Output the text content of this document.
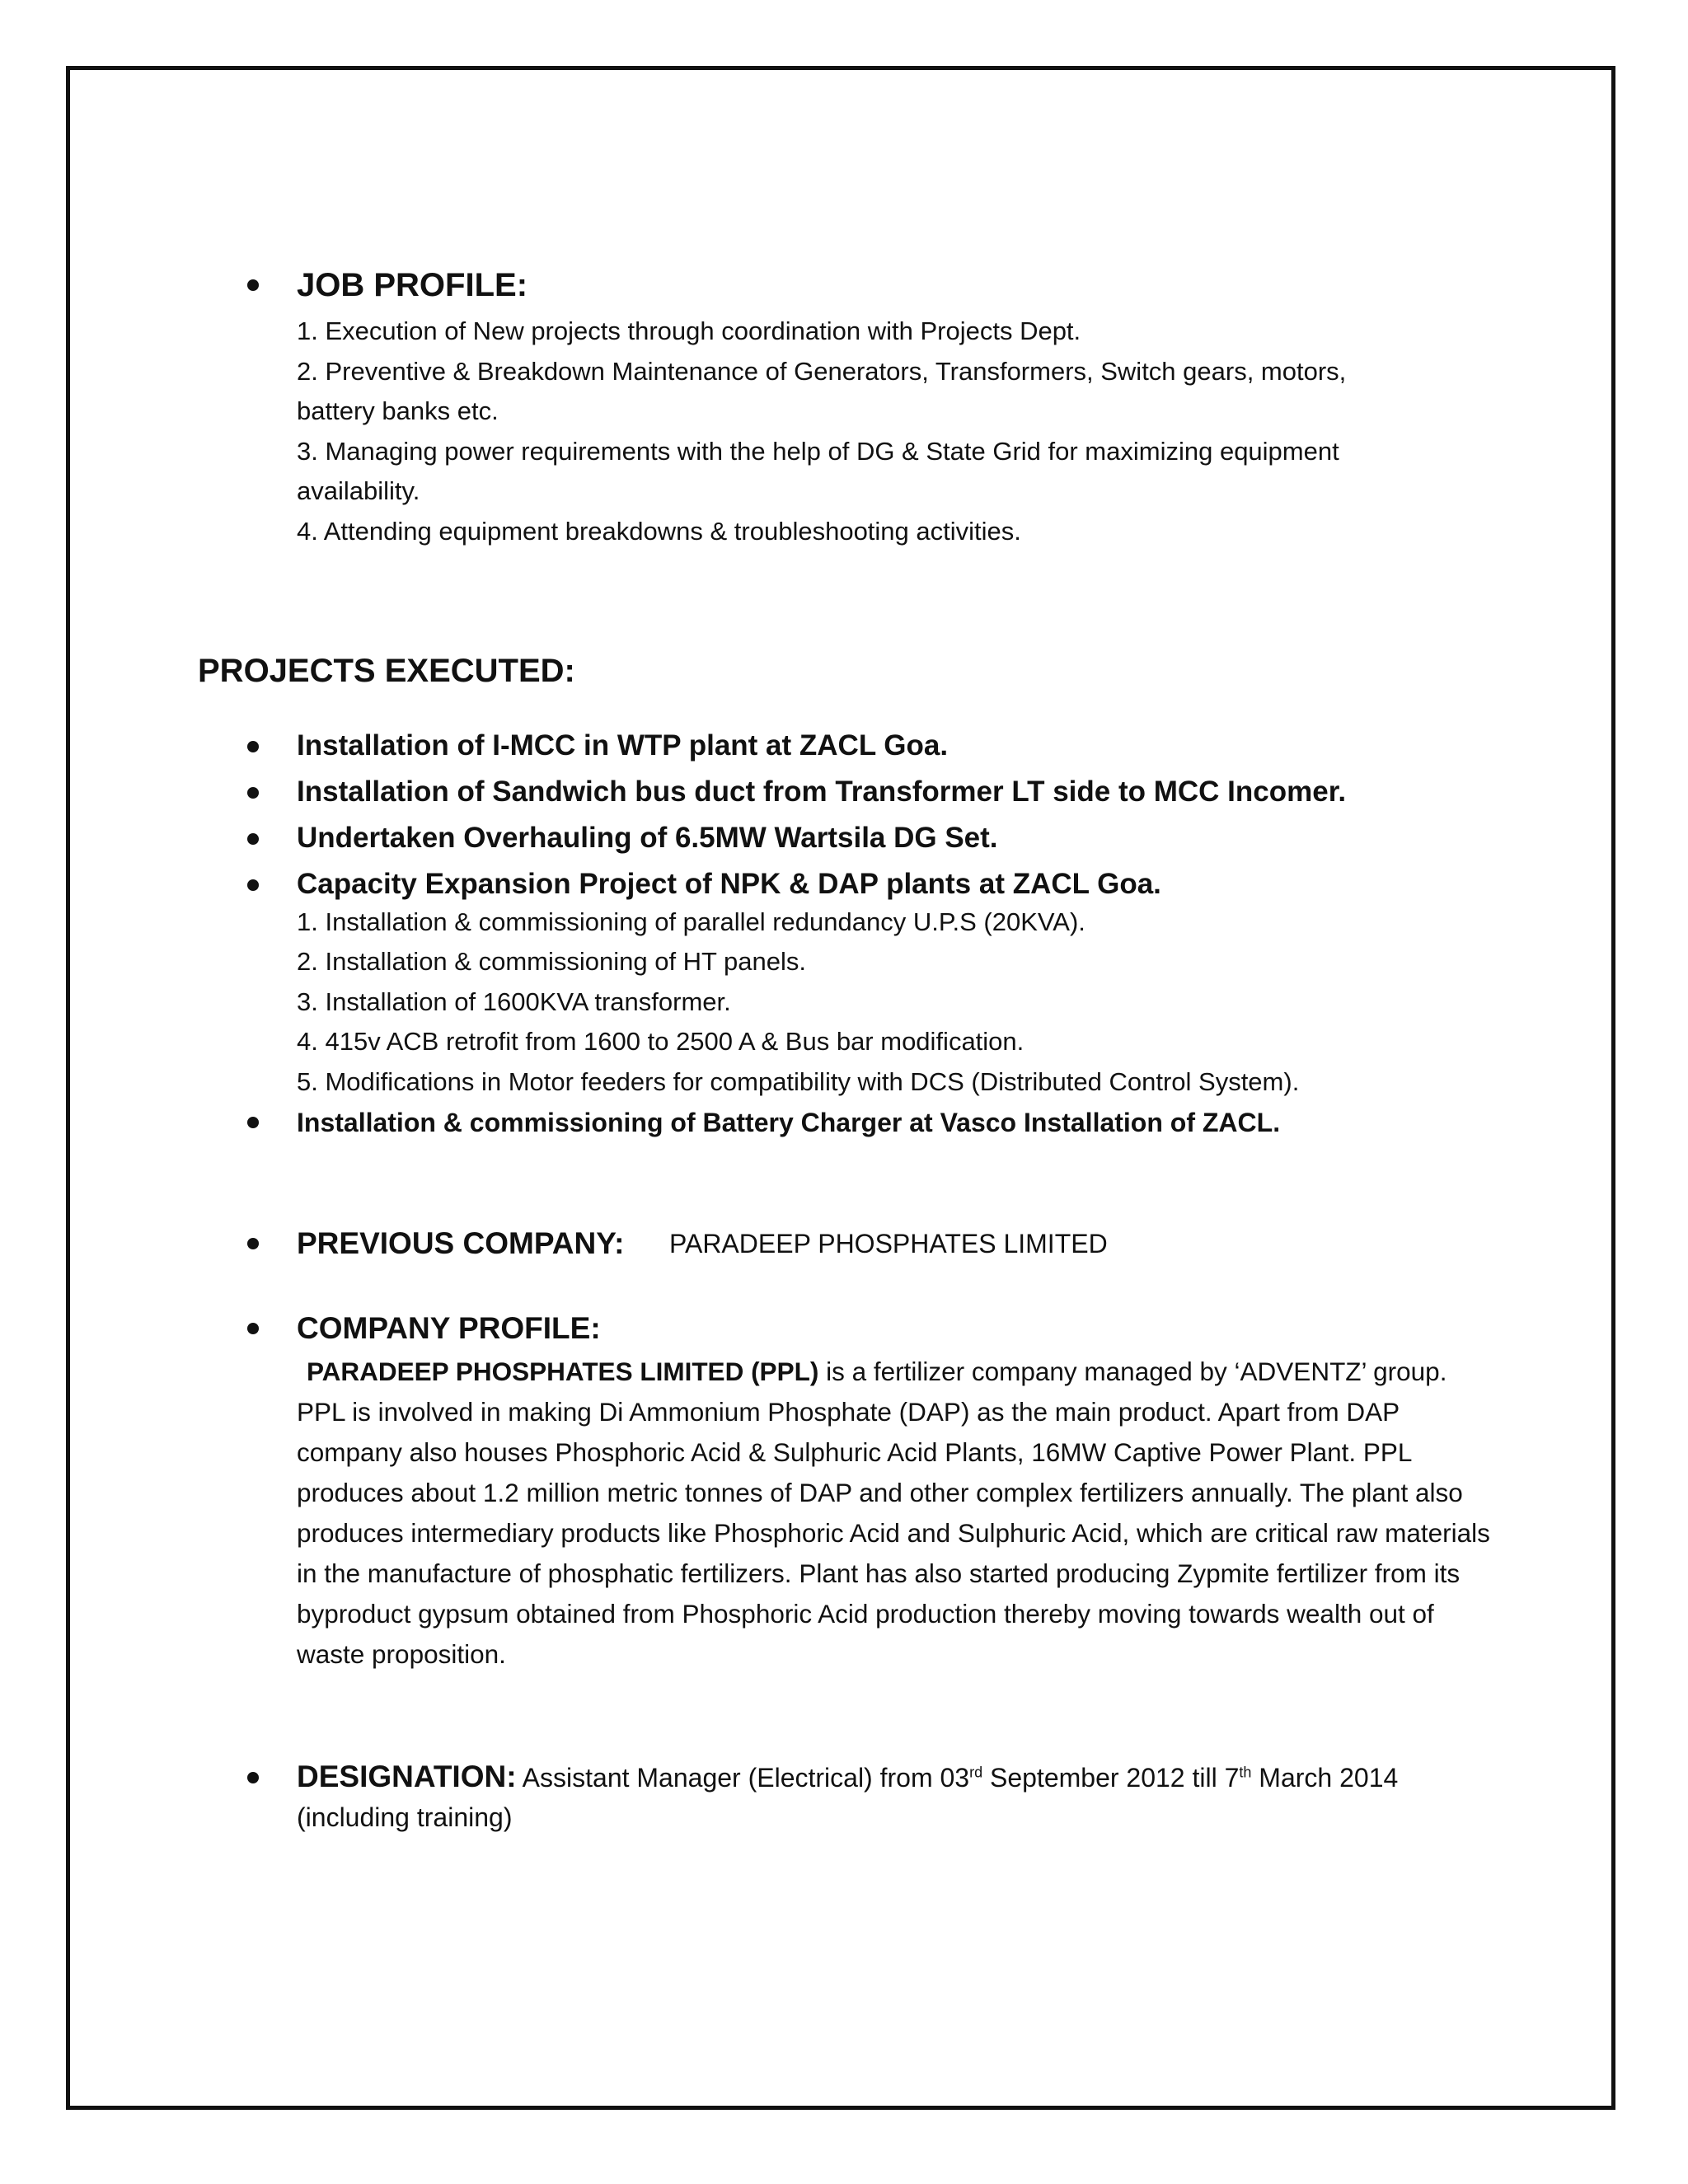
JOB PROFILE:
1. Execution of New projects through coordination with Projects Dept.
2. Preventive & Breakdown Maintenance of Generators, Transformers, Switch gears, motors,
battery banks etc.
3. Managing power requirements with the help of DG & State Grid for maximizing equipment
availability.
4. Attending equipment breakdowns & troubleshooting activities.
PROJECTS EXECUTED:
Installation of I-MCC in WTP plant at ZACL Goa.
Installation of Sandwich bus duct from Transformer LT side to MCC Incomer.
Undertaken Overhauling of 6.5MW Wartsila DG Set.
Capacity Expansion Project of NPK & DAP plants at ZACL Goa.
1. Installation & commissioning of parallel redundancy U.P.S (20KVA).
2. Installation & commissioning of HT panels.
3. Installation of 1600KVA transformer.
4. 415v ACB retrofit from 1600 to 2500 A & Bus bar modification.
5. Modifications in Motor feeders for compatibility with DCS (Distributed Control System).
Installation & commissioning of Battery Charger at Vasco Installation of ZACL.
PREVIOUS COMPANY: PARADEEP PHOSPHATES LIMITED
COMPANY PROFILE:
PARADEEP PHOSPHATES LIMITED (PPL) is a fertilizer company managed by ‘ADVENTZ’ group. PPL is involved in making Di Ammonium Phosphate (DAP) as the main product. Apart from DAP company also houses Phosphoric Acid & Sulphuric Acid Plants, 16MW Captive Power Plant. PPL produces about 1.2 million metric tonnes of DAP and other complex fertilizers annually. The plant also produces intermediary products like Phosphoric Acid and Sulphuric Acid, which are critical raw materials in the manufacture of phosphatic fertilizers. Plant has also started producing Zypmite fertilizer from its byproduct gypsum obtained from Phosphoric Acid production thereby moving towards wealth out of waste proposition.
DESIGNATION: Assistant Manager (Electrical) from 03rd September 2012 till 7th March 2014
(including training)
